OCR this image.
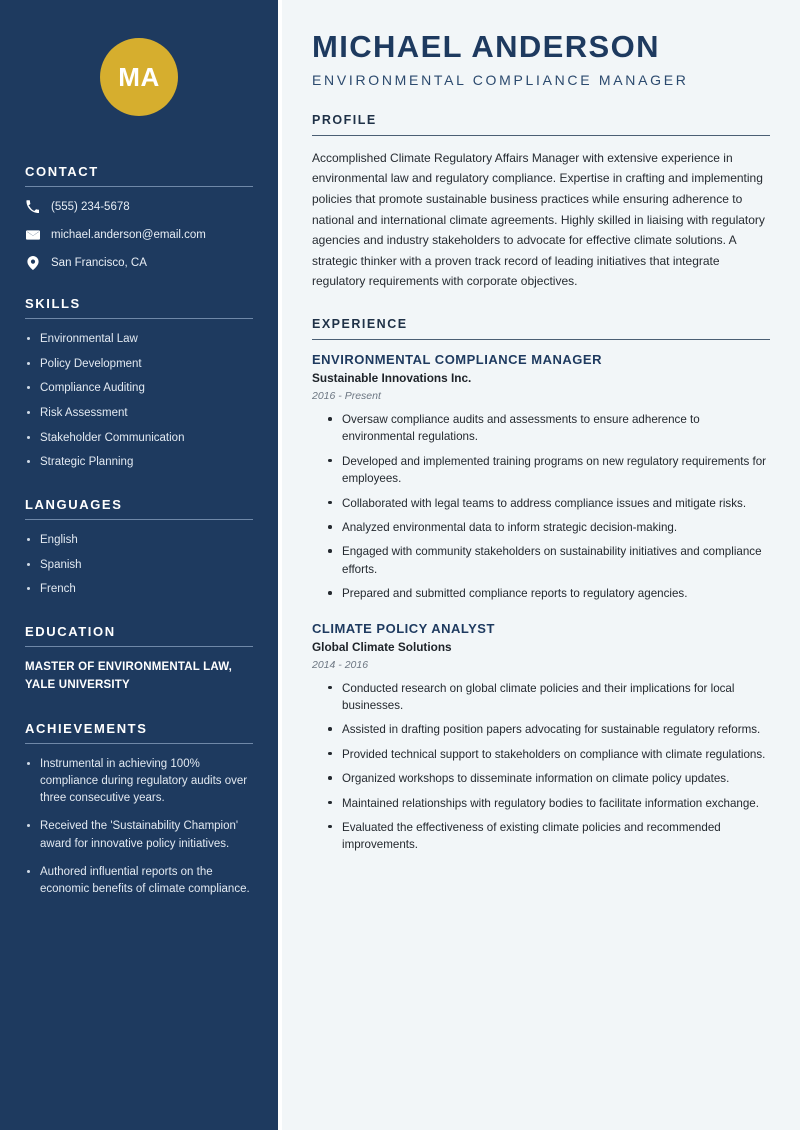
MA
CONTACT
(555) 234-5678
michael.anderson@email.com
San Francisco, CA
SKILLS
Environmental Law
Policy Development
Compliance Auditing
Risk Assessment
Stakeholder Communication
Strategic Planning
LANGUAGES
English
Spanish
French
EDUCATION
MASTER OF ENVIRONMENTAL LAW, YALE UNIVERSITY
ACHIEVEMENTS
Instrumental in achieving 100% compliance during regulatory audits over three consecutive years.
Received the 'Sustainability Champion' award for innovative policy initiatives.
Authored influential reports on the economic benefits of climate compliance.
MICHAEL ANDERSON
ENVIRONMENTAL COMPLIANCE MANAGER
PROFILE

Accomplished Climate Regulatory Affairs Manager with extensive experience in environmental law and regulatory compliance. Expertise in crafting and implementing policies that promote sustainable business practices while ensuring adherence to national and international climate agreements. Highly skilled in liaising with regulatory agencies and industry stakeholders to advocate for effective climate solutions. A strategic thinker with a proven track record of leading initiatives that integrate regulatory requirements with corporate objectives.

EXPERIENCE
ENVIRONMENTAL COMPLIANCE MANAGER
Sustainable Innovations Inc.
2016 - Present
Oversaw compliance audits and assessments to ensure adherence to environmental regulations.
Developed and implemented training programs on new regulatory requirements for employees.
Collaborated with legal teams to address compliance issues and mitigate risks.
Analyzed environmental data to inform strategic decision-making.
Engaged with community stakeholders on sustainability initiatives and compliance efforts.
Prepared and submitted compliance reports to regulatory agencies.
CLIMATE POLICY ANALYST
Global Climate Solutions
2014 - 2016
Conducted research on global climate policies and their implications for local businesses.
Assisted in drafting position papers advocating for sustainable regulatory reforms.
Provided technical support to stakeholders on compliance with climate regulations.
Organized workshops to disseminate information on climate policy updates.
Maintained relationships with regulatory bodies to facilitate information exchange.
Evaluated the effectiveness of existing climate policies and recommended improvements.
